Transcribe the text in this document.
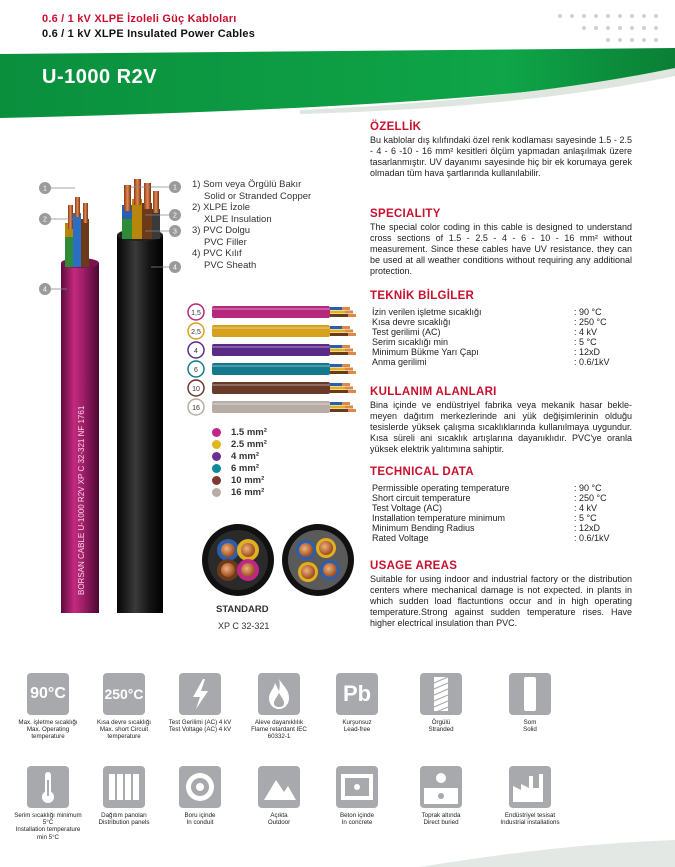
0.6 / 1 kV XLPE İzoleli Güç Kabloları
0.6 / 1 kV XLPE Insulated Power Cables
U-1000 R2V
BORSAN CABLE U-1000 R2V XP C 32-321 NF 1761
1
2
4
1
2
3
4
1) Som veya Örgülü Bakır
Solid or Stranded Copper
2) XLPE İzole
XLPE Insulation
3) PVC Dolgu
PVC Filler
4) PVC Kılıf
PVC Sheath
1,5
2,5
4
6
10
16
1.5 mm²
2.5 mm²
4 mm²
6 mm²
10 mm²
16 mm²
STANDARD
XP C 32-321
ÖZELLİK
Bu kablolar dış kılıfındaki özel renk kodlaması sayesinde 1.5 - 2.5 - 4 - 6 -10 - 16 mm² kesitleri ölçüm yapmadan anlaşılmak üzere tasarlanmıştır. UV dayanımı sayesinde hiç bir ek korumaya gerek olmadan tüm hava şartlarında kullanılabilir.
SPECIALITY
The special color coding in this cable is designed to understand cross sections of 1.5 - 2.5 - 4 - 6 - 10 - 16 mm² without measurement. Since these cables have UV resistance. they can be used at all weather conditions without requiring any additional protection.
TEKNİK BİLGİLER
İzin verilen işletme sıcaklığı	: 90 °C
Kısa devre sıcaklığı	: 250 °C
Test gerilimi (AC)	: 4 kV
Serim sıcaklığı min	: 5 °C
Minimum Bükme Yarı Çapı	: 12xD
Anma gerilimi	: 0.6/1kV
KULLANIM ALANLARI
Bina içinde ve endüstriyel fabrika veya mekanik hasar bekle-meyen dağıtım merkezlerinde ani yük değişimlerinin olduğu tesislerde yüksek çalışma sıcaklıklarında kullanılmaya uygundur. Kısa süreli ani sıcaklık artışlarına dayanıklıdır. PVC'ye oranla yüksek elektrik yalıtımına sahiptir.
TECHNICAL DATA
Permissible operating temperature	: 90 °C
Short circuit temperature	: 250 °C
Test Voltage (AC)	: 4 kV
Installation temperature minimum	: 5 °C
Minimum Bending Radius	: 12xD
Rated Voltage	: 0.6/1kV
USAGE AREAS
Suitable for using indoor and industrial factory or the distribution centers where mechanical damage is not expected. in plants in which sudden load flactuntions occur and in high operating temperature.Strong against sudden temperature rises. Have higher electrical insulation than PVC.
90°C
Max. işletme sıcaklığı
Max. Operating temperature
250°C
Kısa devre sıcaklığı
Max. short Circuit temperature
Test Gerilimi (AC) 4 kV
Test Voltage (AC) 4 kV
Aleve dayanıklılık
Flame retardant IEC 60332-1
Pb
Kurşunsuz
Lead-free
Örgülü
Stranded
Som
Solid
Serim sıcaklığı minimum 5°C
Installation temperature min 5°C
Dağıtım panoları
Distribution panels
Boru içinde
In conduit
Açıkta
Outdoor
Beton içinde
In concrete
Toprak altında
Direct buried
Endüstriyel tesisat
Industrial installations
